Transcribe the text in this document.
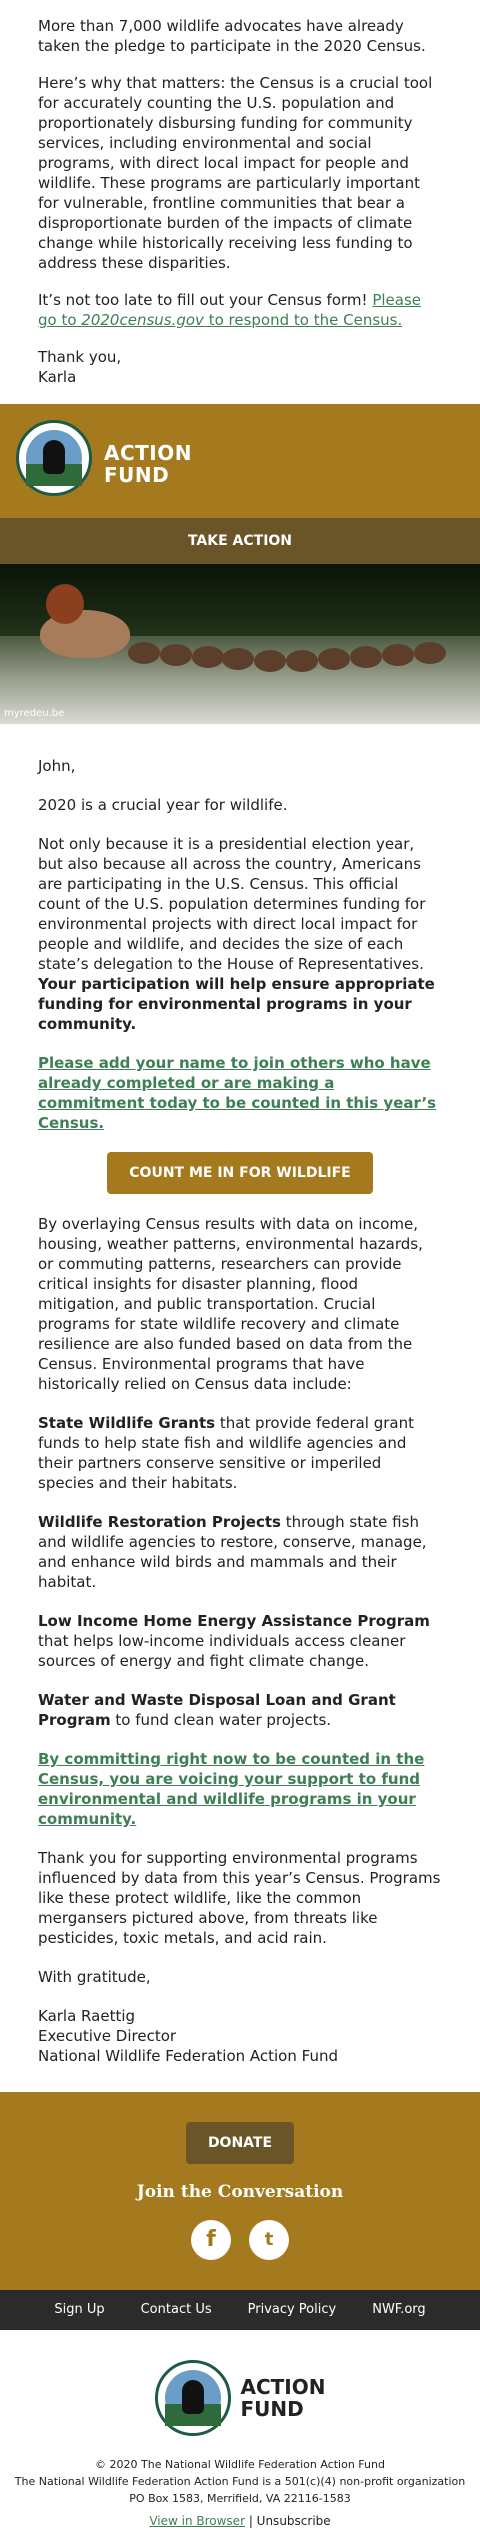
More than 7,000 wildlife advocates have already taken the pledge to participate in the 2020 Census.

Here’s why that matters: the Census is a crucial tool for accurately counting the U.S. population and proportionately disbursing funding for community services, including environmental and social programs, with direct local impact for people and wildlife. These programs are particularly important for vulnerable, frontline communities that bear a disproportionate burden of the impacts of climate change while historically receiving less funding to address these disparities.

It’s not too late to fill out your Census form! Please go to 2020census.gov to respond to the Census.

Thank you,
Karla

ACTION
FUND
TAKE ACTION
myredeu.be

John,

2020 is a crucial year for wildlife.

Not only because it is a presidential election year, but also because all across the country, Americans are participating in the U.S. Census. This official count of the U.S. population determines funding for environmental projects with direct local impact for people and wildlife, and decides the size of each state’s delegation to the House of Representatives. Your participation will help ensure appropriate funding for environmental programs in your community.

Please add your name to join others who have already completed or are making a commitment today to be counted in this year’s Census.

COUNT ME IN FOR WILDLIFE

By overlaying Census results with data on income, housing, weather patterns, environmental hazards, or commuting patterns, researchers can provide critical insights for disaster planning, flood mitigation, and public transportation. Crucial programs for state wildlife recovery and climate resilience are also funded based on data from the Census. Environmental programs that have historically relied on Census data include:

State Wildlife Grants that provide federal grant funds to help state fish and wildlife agencies and their partners conserve sensitive or imperiled species and their habitats.

Wildlife Restoration Projects through state fish and wildlife agencies to restore, conserve, manage, and enhance wild birds and mammals and their habitat.

Low Income Home Energy Assistance Program that helps low-income individuals access cleaner sources of energy and fight climate change.

Water and Waste Disposal Loan and Grant Program to fund clean water projects.

By committing right now to be counted in the Census, you are voicing your support to fund environmental and wildlife programs in your community.

Thank you for supporting environmental programs influenced by data from this year’s Census. Programs like these protect wildlife, like the common mergansers pictured above, from threats like pesticides, toxic metals, and acid rain.

With gratitude,

Karla Raettig
Executive Director
National Wildlife Federation Action Fund

DONATE
Join the Conversation
f	t
Sign Up	Contact Us	Privacy Policy	NWF.org
ACTION
FUND
© 2020 The National Wildlife Federation Action Fund
The National Wildlife Federation Action Fund is a 501(c)(4) non-profit organization
PO Box 1583, Merrifield, VA 22116-1583
View in Browser | Unsubscribe
